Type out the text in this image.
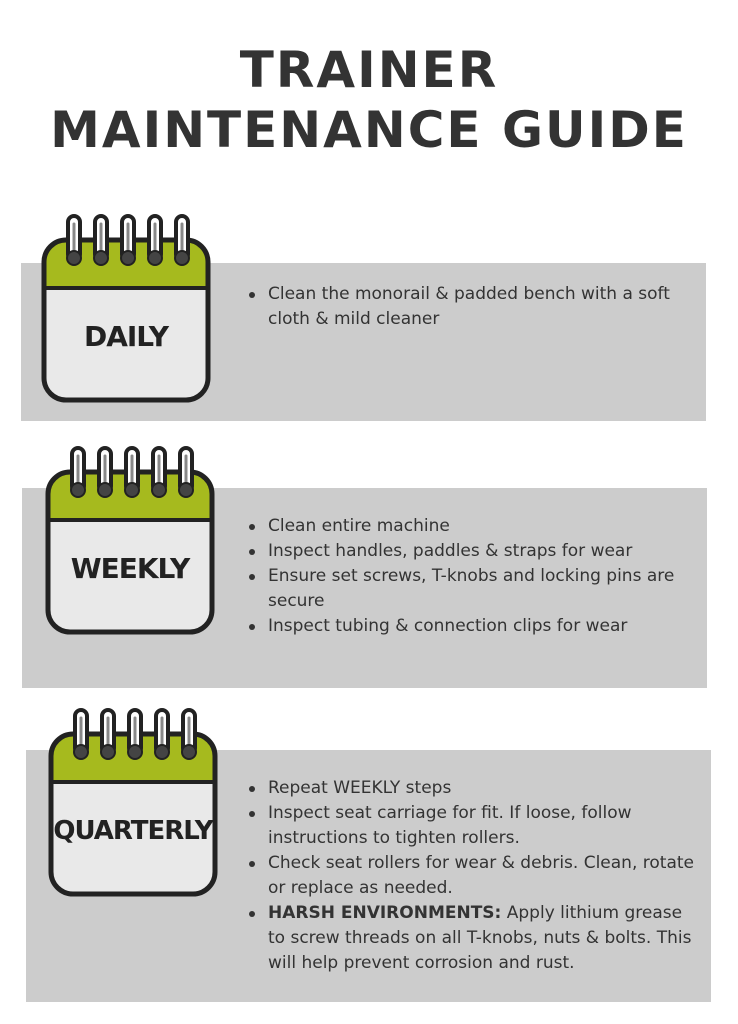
TRAINER
MAINTENANCE GUIDE
Clean the monorail & padded bench with a soft cloth & mild cleaner
Clean entire machine
Inspect handles, paddles & straps for wear
Ensure set screws, T-knobs and locking pins are secure
Inspect tubing & connection clips for wear
Repeat WEEKLY steps
Inspect seat carriage for fit. If loose, follow instructions to tighten rollers.
Check seat rollers for wear & debris. Clean, rotate or replace as needed.
HARSH ENVIRONMENTS: Apply lithium grease to screw threads on all T-knobs, nuts & bolts. This will help prevent corrosion and rust.
DAILY
WEEKLY
QUARTERLY
